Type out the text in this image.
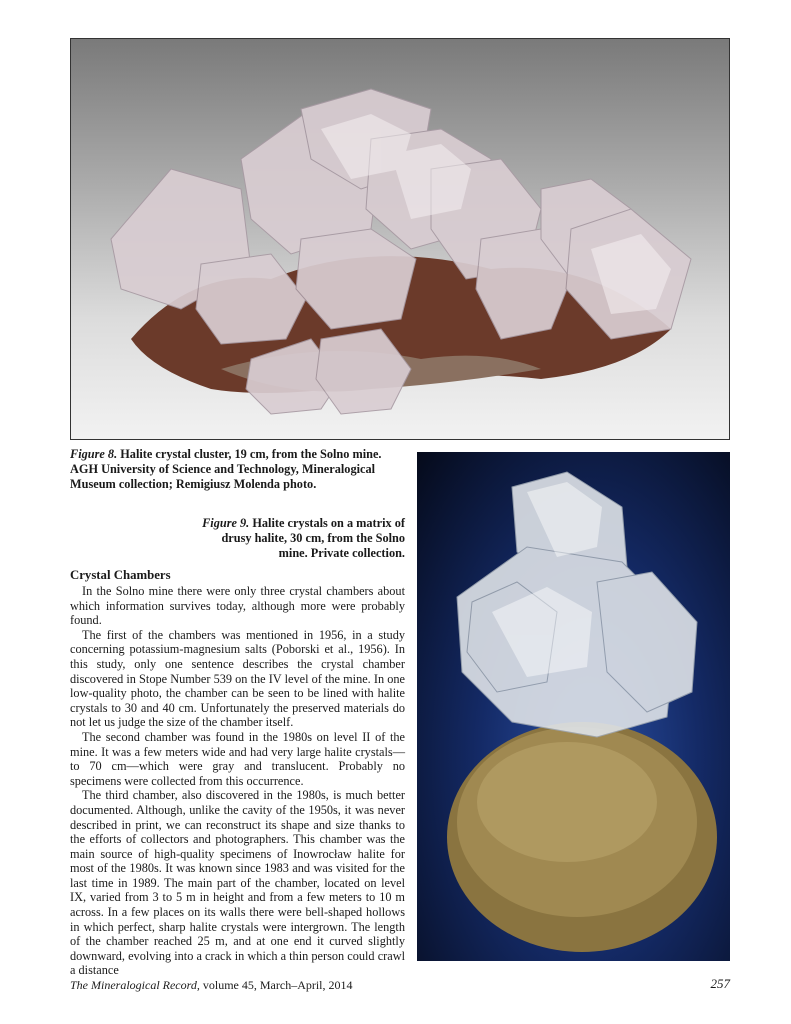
Figure 8. Halite crystal cluster, 19 cm, from the Solno mine. AGH University of Science and Technology, Mineralogical Museum collection; Remigiusz Molenda photo.
Figure 9. Halite crystals on a matrix of drusy halite, 30 cm, from the Solno mine. Private collection.
Crystal Chambers

In the Solno mine there were only three crystal chambers about which information survives today, although more were probably found.

The first of the chambers was mentioned in 1956, in a study concerning potassium-magnesium salts (Poborski et al., 1956). In this study, only one sentence describes the crystal chamber discovered in Stope Number 539 on the IV level of the mine. In one low-quality photo, the chamber can be seen to be lined with halite crystals to 30 and 40 cm. Unfortunately the preserved materials do not let us judge the size of the chamber itself.

The second chamber was found in the 1980s on level II of the mine. It was a few meters wide and had very large halite crystals—to 70 cm—which were gray and translucent. Probably no specimens were collected from this occurrence.

The third chamber, also discovered in the 1980s, is much better documented. Although, unlike the cavity of the 1950s, it was never described in print, we can reconstruct its shape and size thanks to the efforts of collectors and photographers. This chamber was the main source of high-quality specimens of Inowrocław halite for most of the 1980s. It was known since 1983 and was visited for the last time in 1989. The main part of the chamber, located on level IX, varied from 3 to 5 m in height and from a few meters to 10 m across. In a few places on its walls there were bell-shaped hollows in which perfect, sharp halite crystals were intergrown. The length of the chamber reached 25 m, and at one end it curved slightly downward, evolving into a crack in which a thin person could crawl a distance

The Mineralogical Record, volume 45, March–April, 2014	257
